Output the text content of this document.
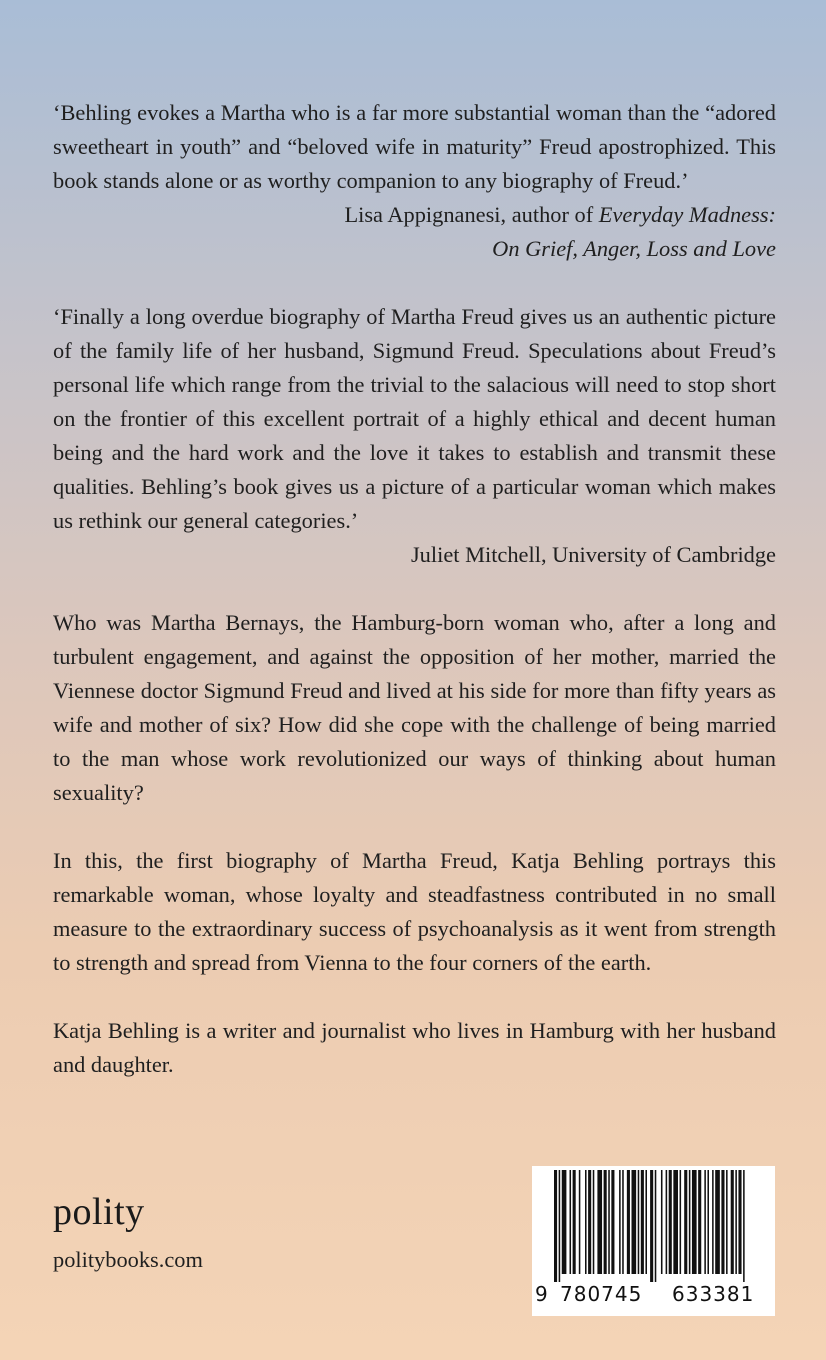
‘Behling evokes a Martha who is a far more substantial woman than the “adored sweetheart in youth” and “beloved wife in maturity” Freud apostrophized. This book stands alone or as worthy companion to any biography of Freud.’

Lisa Appignanesi, author of Everyday Madness:
On Grief, Anger, Loss and Love

‘Finally a long overdue biography of Martha Freud gives us an authentic picture of the family life of her husband, Sigmund Freud. Speculations about Freud’s personal life which range from the trivial to the salacious will need to stop short on the frontier of this excellent portrait of a highly ethical and decent human being and the hard work and the love it takes to establish and transmit these qualities. Behling’s book gives us a picture of a particular woman which makes us rethink our general categories.’

Juliet Mitchell, University of Cambridge

Who was Martha Bernays, the Hamburg-born woman who, after a long and turbulent engagement, and against the opposition of her mother, married the Viennese doctor Sigmund Freud and lived at his side for more than fifty years as wife and mother of six? How did she cope with the challenge of being married to the man whose work revolutionized our ways of thinking about human sexuality?

In this, the first biography of Martha Freud, Katja Behling portrays this remarkable woman, whose loyalty and steadfastness contributed in no small measure to the extraordinary success of psychoanalysis as it went from strength to strength and spread from Vienna to the four corners of the earth.

Katja Behling is a writer and journalist who lives in Hamburg with her husband and daughter.

polity
politybooks.com
9 780745 633381
